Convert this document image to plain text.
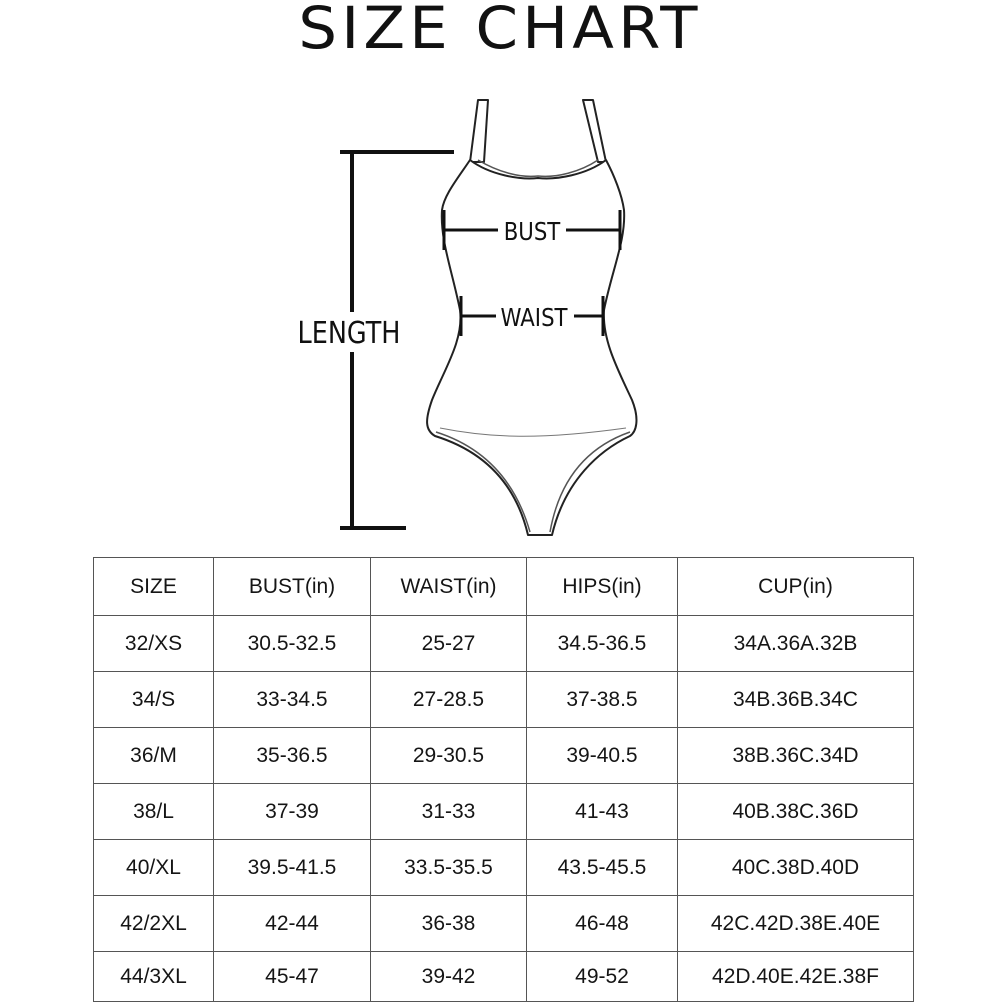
SIZE CHART
LENGTH
BUST
WAIST
SIZE	BUST(in)	WAIST(in)	HIPS(in)	CUP(in)
32/XS	30.5-32.5	25-27	34.5-36.5	34A.36A.32B
34/S	33-34.5	27-28.5	37-38.5	34B.36B.34C
36/M	35-36.5	29-30.5	39-40.5	38B.36C.34D
38/L	37-39	31-33	41-43	40B.38C.36D
40/XL	39.5-41.5	33.5-35.5	43.5-45.5	40C.38D.40D
42/2XL	42-44	36-38	46-48	42C.42D.38E.40E
44/3XL	45-47	39-42	49-52	42D.40E.42E.38F
